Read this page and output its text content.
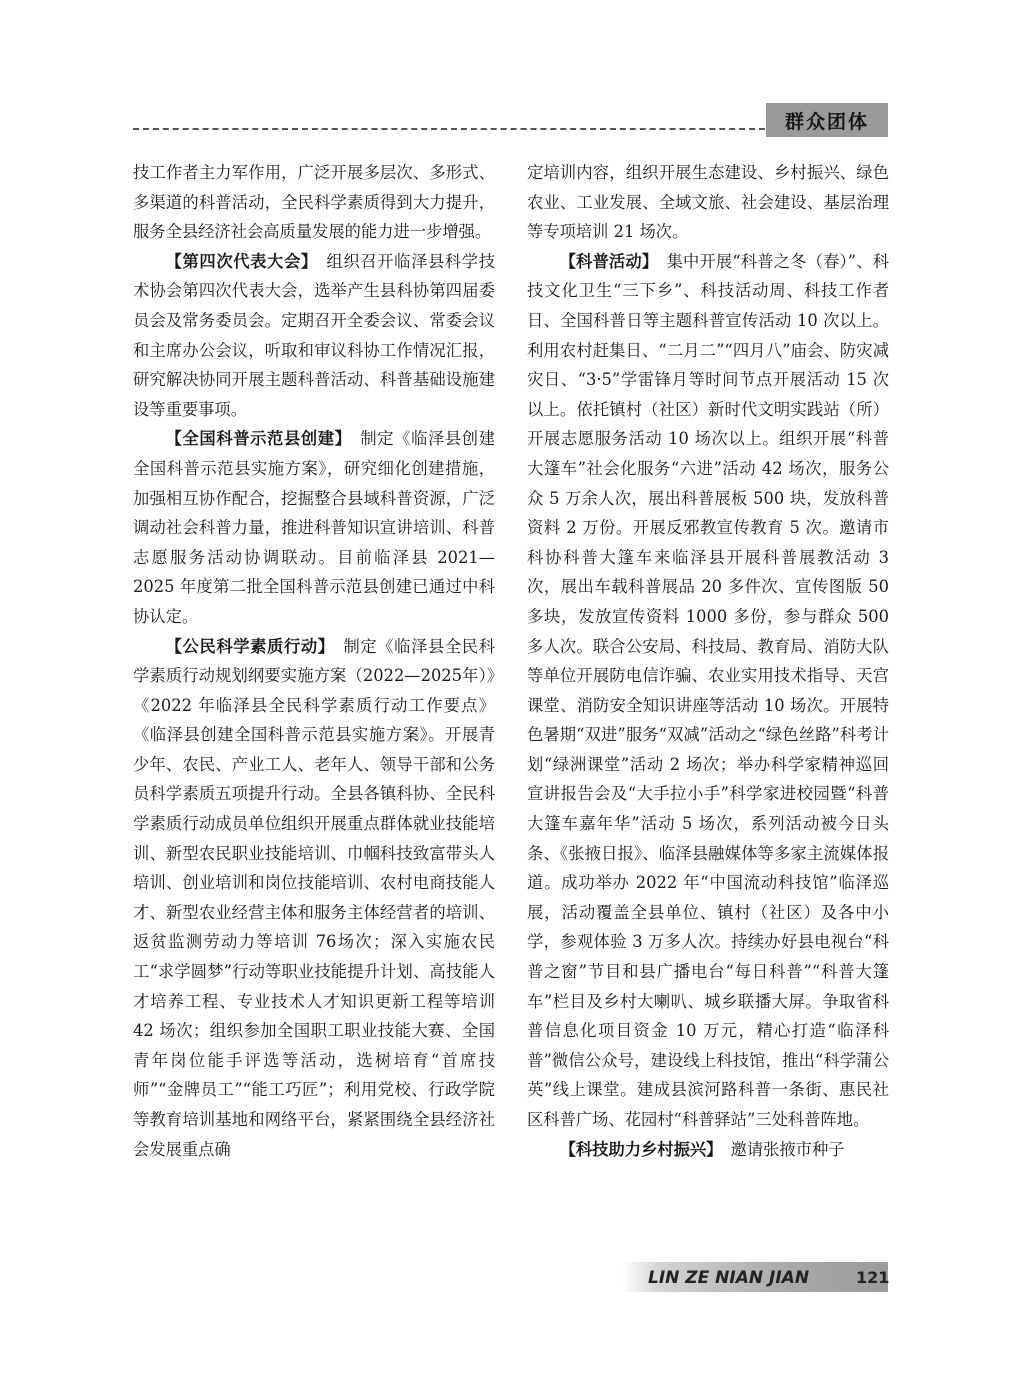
群众团体

技工作者主力军作用，广泛开展多层次、多形式、多渠道的科普活动，全民科学素质得到大力提升，服务全县经济社会高质量发展的能力进一步增强。

【第四次代表大会】　组织召开临泽县科学技术协会第四次代表大会，选举产生县科协第四届委员会及常务委员会。定期召开全委会议、常委会议和主席办公会议，听取和审议科协工作情况汇报，研究解决协同开展主题科普活动、科普基础设施建设等重要事项。

【全国科普示范县创建】　制定《临泽县创建全国科普示范县实施方案》，研究细化创建措施，加强相互协作配合，挖掘整合县域科普资源，广泛调动社会科普力量，推进科普知识宣讲培训、科普志愿服务活动协调联动。目前临泽县 2021—2025 年度第二批全国科普示范县创建已通过中科协认定。

【公民科学素质行动】　制定《临泽县全民科学素质行动规划纲要实施方案（2022—2025年）》《2022 年临泽县全民科学素质行动工作要点》《临泽县创建全国科普示范县实施方案》。开展青少年、农民、产业工人、老年人、领导干部和公务员科学素质五项提升行动。全县各镇科协、全民科学素质行动成员单位组织开展重点群体就业技能培训、新型农民职业技能培训、巾帼科技致富带头人培训、创业培训和岗位技能培训、农村电商技能人才、新型农业经营主体和服务主体经营者的培训、返贫监测劳动力等培训 76场次；深入实施农民工“求学圆梦”行动等职业技能提升计划、高技能人才培养工程、专业技术人才知识更新工程等培训 42 场次；组织参加全国职工职业技能大赛、全国青年岗位能手评选等活动，选树培育“首席技师”“金牌员工”“能工巧匠”；利用党校、行政学院等教育培训基地和网络平台，紧紧围绕全县经济社会发展重点确

定培训内容，组织开展生态建设、乡村振兴、绿色农业、工业发展、全域文旅、社会建设、基层治理等专项培训 21 场次。

【科普活动】　集中开展“科普之冬（春）”、科技文化卫生“三下乡”、科技活动周、科技工作者日、全国科普日等主题科普宣传活动 10 次以上。利用农村赶集日、“二月二”“四月八”庙会、防灾减灾日、“3·5”学雷锋月等时间节点开展活动 15 次以上。依托镇村（社区）新时代文明实践站（所）开展志愿服务活动 10 场次以上。组织开展“科普大篷车”社会化服务“六进”活动 42 场次，服务公众 5 万余人次，展出科普展板 500 块，发放科普资料 2 万份。开展反邪教宣传教育 5 次。邀请市科协科普大篷车来临泽县开展科普展教活动 3 次，展出车载科普展品 20 多件次、宣传图版 50 多块，发放宣传资料 1000 多份，参与群众 500 多人次。联合公安局、科技局、教育局、消防大队等单位开展防电信诈骗、农业实用技术指导、天宫课堂、消防安全知识讲座等活动 10 场次。开展特色暑期“双进”服务“双减”活动之“绿色丝路”科考计划“绿洲课堂”活动 2 场次；举办科学家精神巡回宣讲报告会及“大手拉小手”科学家进校园暨“科普大篷车嘉年华”活动 5 场次，系列活动被今日头条、《张掖日报》、临泽县融媒体等多家主流媒体报道。成功举办 2022 年“中国流动科技馆”临泽巡展，活动覆盖全县单位、镇村（社区）及各中小学，参观体验 3 万多人次。持续办好县电视台“科普之窗”节目和县广播电台“每日科普”“科普大篷车”栏目及乡村大喇叭、城乡联播大屏。争取省科普信息化项目资金 10 万元，精心打造“临泽科普”微信公众号，建设线上科技馆，推出“科学蒲公英”线上课堂。建成县滨河路科普一条街、惠民社区科普广场、花园村“科普驿站”三处科普阵地。

【科技助力乡村振兴】　邀请张掖市种子

LIN ZE NIAN JIAN	121
